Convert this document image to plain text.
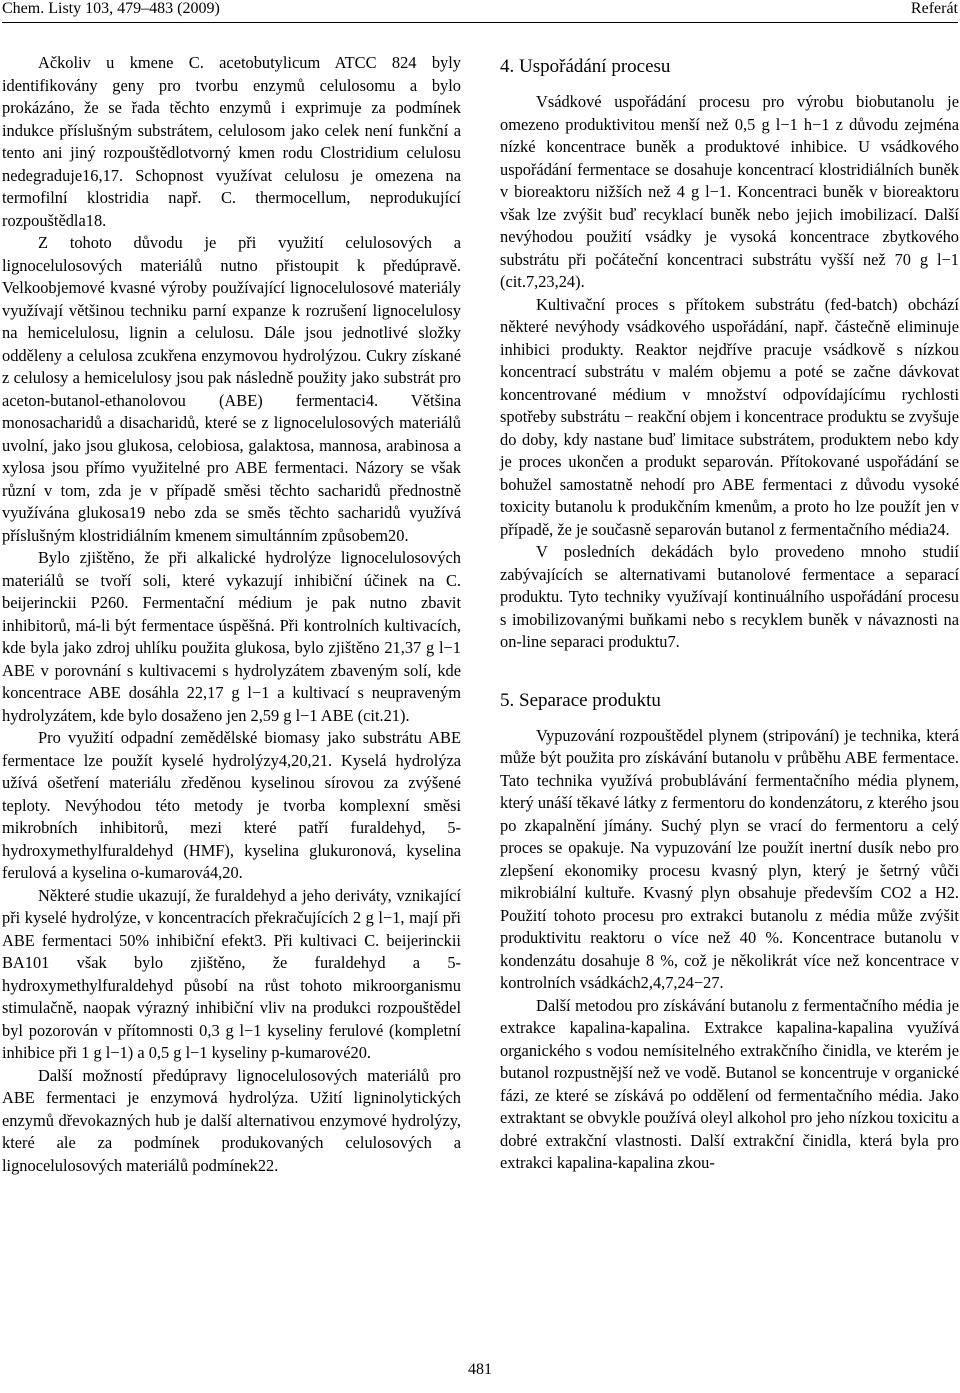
Chem. Listy 103, 479–483 (2009)	Referát

Ačkoliv u kmene C. acetobutylicum ATCC 824 byly identifikovány geny pro tvorbu enzymů celulosomu a bylo prokázáno, že se řada těchto enzymů i exprimuje za podmínek indukce příslušným substrátem, celulosom jako celek není funkční a tento ani jiný rozpouštědlotvorný kmen rodu Clostridium celulosu nedegraduje16,17. Schopnost využívat celulosu je omezena na termofilní klostridia např. C. thermocellum, neprodukující rozpouštědla18.

Z tohoto důvodu je při využití celulosových a lignocelulosových materiálů nutno přistoupit k předúpravě. Velkoobjemové kvasné výroby používající lignocelulosové materiály využívají většinou techniku parní expanze k rozrušení lignocelulosy na hemicelulosu, lignin a celulosu. Dále jsou jednotlivé složky odděleny a celulosa zcukřena enzymovou hydrolýzou. Cukry získané z celulosy a hemicelulosy jsou pak následně použity jako substrát pro aceton-butanol-ethanolovou (ABE) fermentaci4. Většina monosacharidů a disacharidů, které se z lignocelulosových materiálů uvolní, jako jsou glukosa, celobiosa, galaktosa, mannosa, arabinosa a xylosa jsou přímo využitelné pro ABE fermentaci. Názory se však různí v tom, zda je v případě směsi těchto sacharidů přednostně využívána glukosa19 nebo zda se směs těchto sacharidů využívá příslušným klostridiálním kmenem simultánním způsobem20.

Bylo zjištěno, že při alkalické hydrolýze lignocelulosových materiálů se tvoří soli, které vykazují inhibiční účinek na C. beijerinckii P260. Fermentační médium je pak nutno zbavit inhibitorů, má-li být fermentace úspěšná. Při kontrolních kultivacích, kde byla jako zdroj uhlíku použita glukosa, bylo zjištěno 21,37 g l−1 ABE v porovnání s kultivacemi s hydrolyzátem zbaveným solí, kde koncentrace ABE dosáhla 22,17 g l−1 a kultivací s neupraveným hydrolyzátem, kde bylo dosaženo jen 2,59 g l−1 ABE (cit.21).

Pro využití odpadní zemědělské biomasy jako substrátu ABE fermentace lze použít kyselé hydrolýzy4,20,21. Kyselá hydrolýza užívá ošetření materiálu zředěnou kyselinou sírovou za zvýšené teploty. Nevýhodou této metody je tvorba komplexní směsi mikrobních inhibitorů, mezi které patří furaldehyd, 5-hydroxymethylfuraldehyd (HMF), kyselina glukuronová, kyselina ferulová a kyselina o-kumarová4,20.

Některé studie ukazují, že furaldehyd a jeho deriváty, vznikající při kyselé hydrolýze, v koncentracích překračujících 2 g l−1, mají při ABE fermentaci 50% inhibiční efekt3. Při kultivaci C. beijerinckii BA101 však bylo zjištěno, že furaldehyd a 5-hydroxymethylfuraldehyd působí na růst tohoto mikroorganismu stimulačně, naopak výrazný inhibiční vliv na produkci rozpouštědel byl pozorován v přítomnosti 0,3 g l−1 kyseliny ferulové (kompletní inhibice při 1 g l−1) a 0,5 g l−1 kyseliny p-kumarové20.

Další možností předúpravy lignocelulosových materiálů pro ABE fermentaci je enzymová hydrolýza. Užití ligninolytických enzymů dřevokazných hub je další alternativou enzymové hydrolýzy, které ale za podmínek produkovaných celulosových a lignocelulosových materiálů podmínek22.

4. Uspořádání procesu

Vsádkové uspořádání procesu pro výrobu biobutanolu je omezeno produktivitou menší než 0,5 g l−1 h−1 z důvodu zejména nízké koncentrace buněk a produktové inhibice. U vsádkového uspořádání fermentace se dosahuje koncentrací klostridiálních buněk v bioreaktoru nižších než 4 g l−1. Koncentraci buněk v bioreaktoru však lze zvýšit buď recyklací buněk nebo jejich imobilizací. Další nevýhodou použití vsádky je vysoká koncentrace zbytkového substrátu při počáteční koncentraci substrátu vyšší než 70 g l−1 (cit.7,23,24).

Kultivační proces s přítokem substrátu (fed-batch) obchází některé nevýhody vsádkového uspořádání, např. částečně eliminuje inhibici produkty. Reaktor nejdříve pracuje vsádkově s nízkou koncentrací substrátu v malém objemu a poté se začne dávkovat koncentrované médium v množství odpovídajícímu rychlosti spotřeby substrátu − reakční objem i koncentrace produktu se zvyšuje do doby, kdy nastane buď limitace substrátem, produktem nebo kdy je proces ukončen a produkt separován. Přítokované uspořádání se bohužel samostatně nehodí pro ABE fermentaci z důvodu vysoké toxicity butanolu k produkčním kmenům, a proto ho lze použít jen v případě, že je současně separován butanol z fermentačního média24.

V posledních dekádách bylo provedeno mnoho studií zabývajících se alternativami butanolové fermentace a separací produktu. Tyto techniky využívají kontinuálního uspořádání procesu s imobilizovanými buňkami nebo s recyklem buněk v návaznosti na on-line separaci produktu7.

5. Separace produktu

Vypuzování rozpouštědel plynem (stripování) je technika, která může být použita pro získávání butanolu v průběhu ABE fermentace. Tato technika využívá probublávání fermentačního média plynem, který unáší těkavé látky z fermentoru do kondenzátoru, z kterého jsou po zkapalnění jímány. Suchý plyn se vrací do fermentoru a celý proces se opakuje. Na vypuzování lze použít inertní dusík nebo pro zlepšení ekonomiky procesu kvasný plyn, který je šetrný vůči mikrobiální kultuře. Kvasný plyn obsahuje především CO2 a H2. Použití tohoto procesu pro extrakci butanolu z média může zvýšit produktivitu reaktoru o více než 40 %. Koncentrace butanolu v kondenzátu dosahuje 8 %, což je několikrát více než koncentrace v kontrolních vsádkách2,4,7,24−27.

Další metodou pro získávání butanolu z fermentačního média je extrakce kapalina-kapalina. Extrakce kapalina-kapalina využívá organického s vodou nemísitelného extrakčního činidla, ve kterém je butanol rozpustnější než ve vodě. Butanol se koncentruje v organické fázi, ze které se získává po oddělení od fermentačního média. Jako extraktant se obvykle používá oleyl alkohol pro jeho nízkou toxicitu a dobré extrakční vlastnosti. Další extrakční činidla, která byla pro extrakci kapalina-kapalina zkou-

481
